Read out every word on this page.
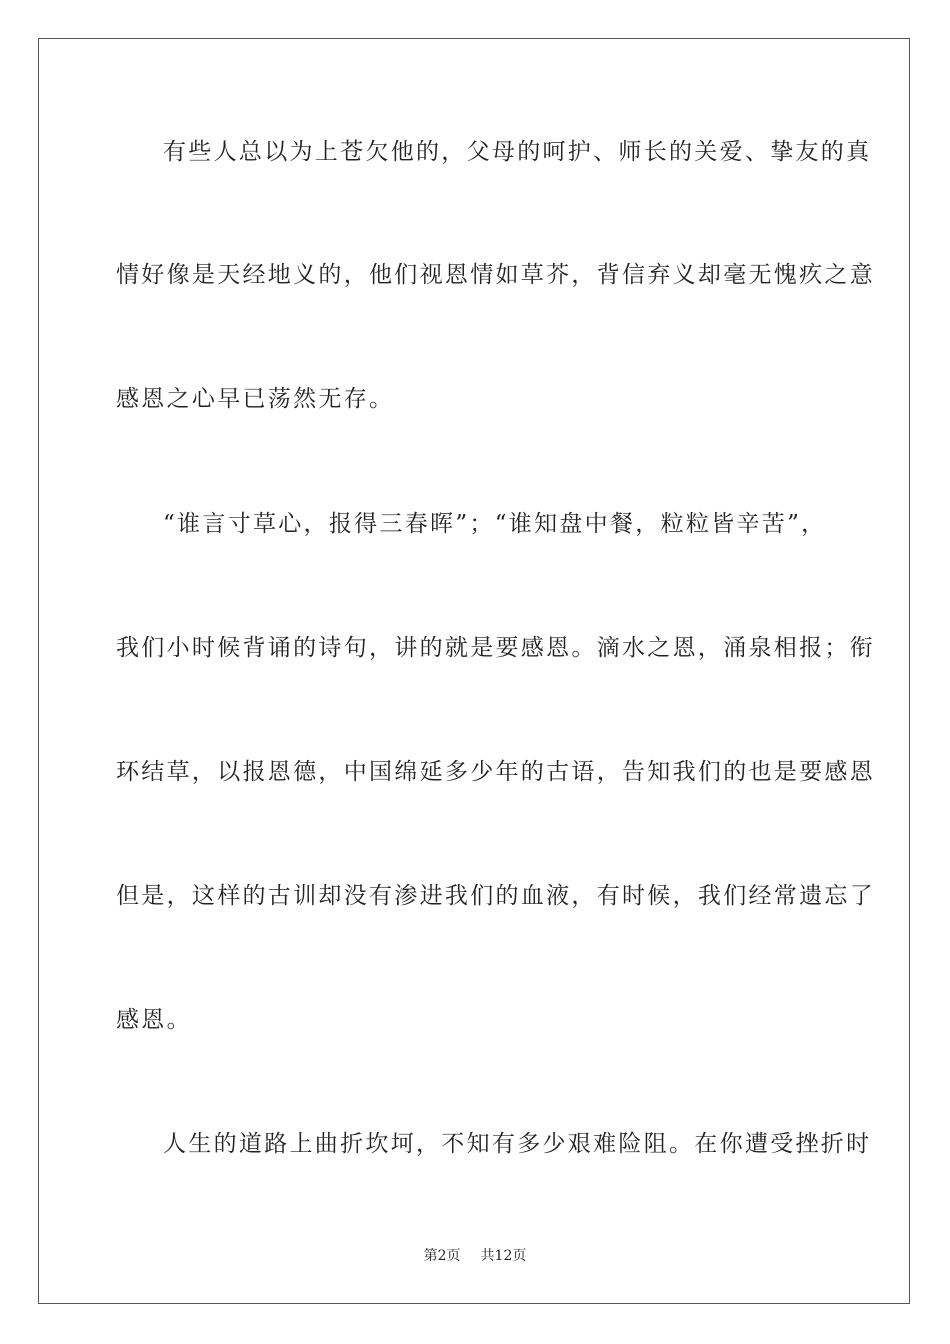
有些人总以为上苍欠他的，父母的呵护、师长的关爱、挚友的真

情好像是天经地义的，他们视恩情如草芥，背信弃义却毫无愧疚之意

感恩之心早已荡然无存。

“谁言寸草心，报得三春晖”；“谁知盘中餐，粒粒皆辛苦”，

我们小时候背诵的诗句，讲的就是要感恩。滴水之恩，涌泉相报；衔

环结草，以报恩德，中国绵延多少年的古语，告知我们的也是要感恩

但是，这样的古训却没有渗进我们的血液，有时候，我们经常遗忘了

感恩。

人生的道路上曲折坎坷，不知有多少艰难险阻。在你遭受挫折时

第2页 共12页
